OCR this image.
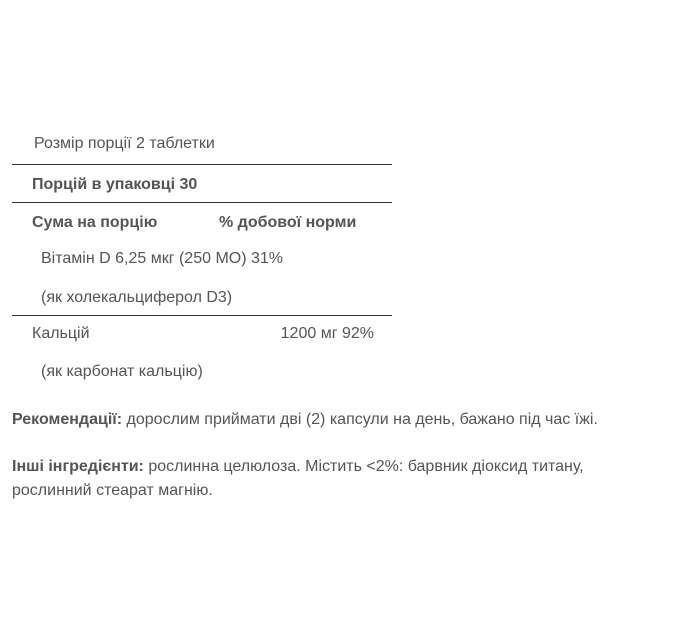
Розмір порції 2 таблетки
Порцій в упаковці 30
Сума на порцію	% добової норми
Вітамін D 6,25 мкг (250 МО) 31%
(як холекальциферол D3)
Кальцій	1200 мг 92%
(як карбонат кальцію)
Рекомендації: дорослим приймати дві (2) капсули на день, бажано під час їжі.
Інші інгредієнти: рослинна целюлоза. Містить <2%: барвник діоксид титану,
рослинний стеарат магнію.
